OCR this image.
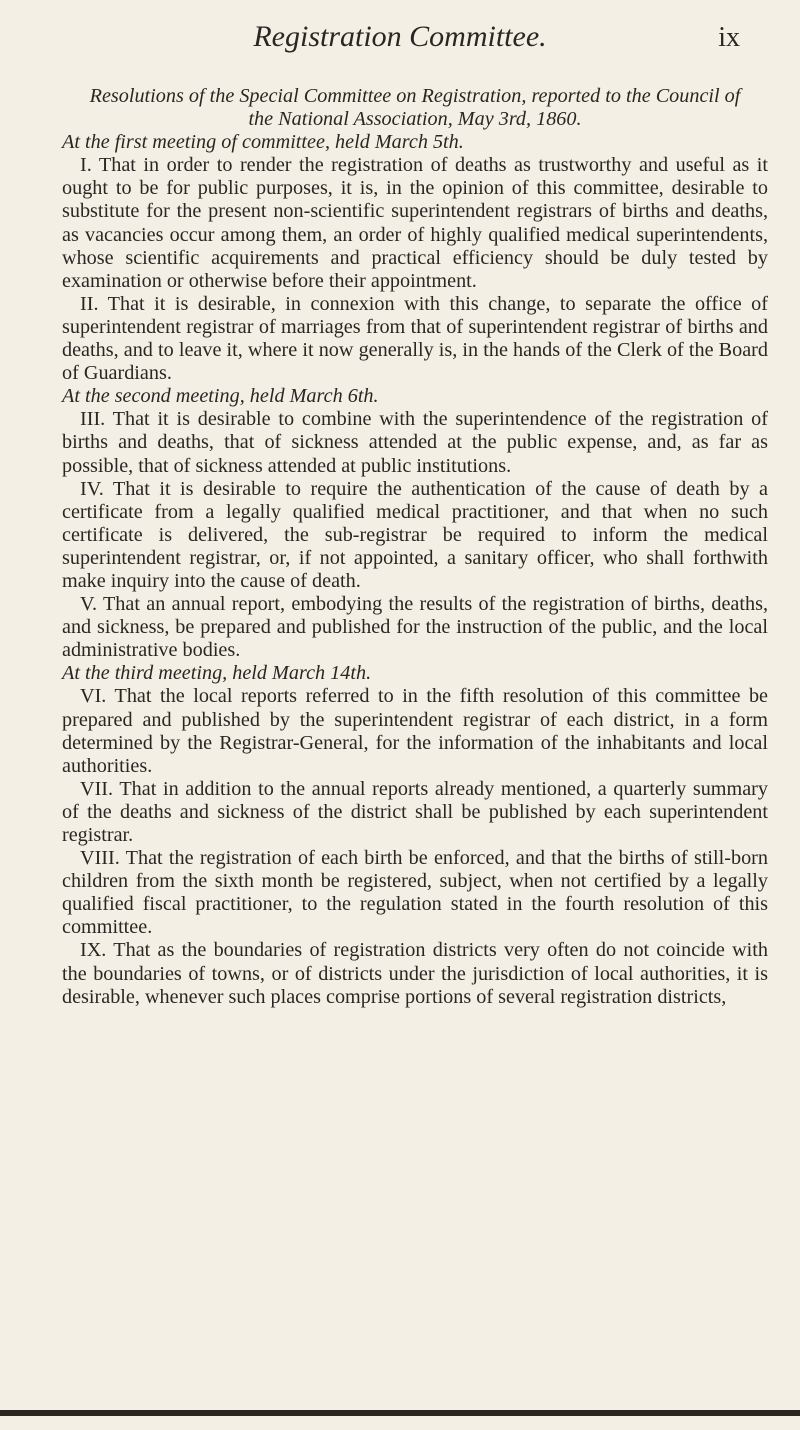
Registration Committee.	ix

Resolutions of the Special Committee on Registration, reported to the Council of the National Association, May 3rd, 1860.

At the first meeting of committee, held March 5th.

I. That in order to render the registration of deaths as trustworthy and useful as it ought to be for public purposes, it is, in the opinion of this committee, desirable to substitute for the present non-scientific superintendent registrars of births and deaths, as vacancies occur among them, an order of highly qualified medical superintendents, whose scientific acquirements and practical efficiency should be duly tested by examination or otherwise before their appointment.

II. That it is desirable, in connexion with this change, to separate the office of superintendent registrar of marriages from that of superintendent registrar of births and deaths, and to leave it, where it now generally is, in the hands of the Clerk of the Board of Guardians.

At the second meeting, held March 6th.

III. That it is desirable to combine with the superintendence of the registration of births and deaths, that of sickness attended at the public expense, and, as far as possible, that of sickness attended at public institutions.

IV. That it is desirable to require the authentication of the cause of death by a certificate from a legally qualified medical practitioner, and that when no such certificate is delivered, the sub-registrar be required to inform the medical superintendent registrar, or, if not appointed, a sanitary officer, who shall forthwith make inquiry into the cause of death.

V. That an annual report, embodying the results of the registration of births, deaths, and sickness, be prepared and published for the instruction of the public, and the local administrative bodies.

At the third meeting, held March 14th.

VI. That the local reports referred to in the fifth resolution of this committee be prepared and published by the superintendent registrar of each district, in a form determined by the Registrar-General, for the information of the inhabitants and local authorities.

VII. That in addition to the annual reports already mentioned, a quarterly summary of the deaths and sickness of the district shall be published by each superintendent registrar.

VIII. That the registration of each birth be enforced, and that the births of still-born children from the sixth month be registered, subject, when not certified by a legally qualified fiscal practitioner, to the regulation stated in the fourth resolution of this committee.

IX. That as the boundaries of registration districts very often do not coincide with the boundaries of towns, or of districts under the jurisdiction of local authorities, it is desirable, whenever such places comprise portions of several registration districts,
